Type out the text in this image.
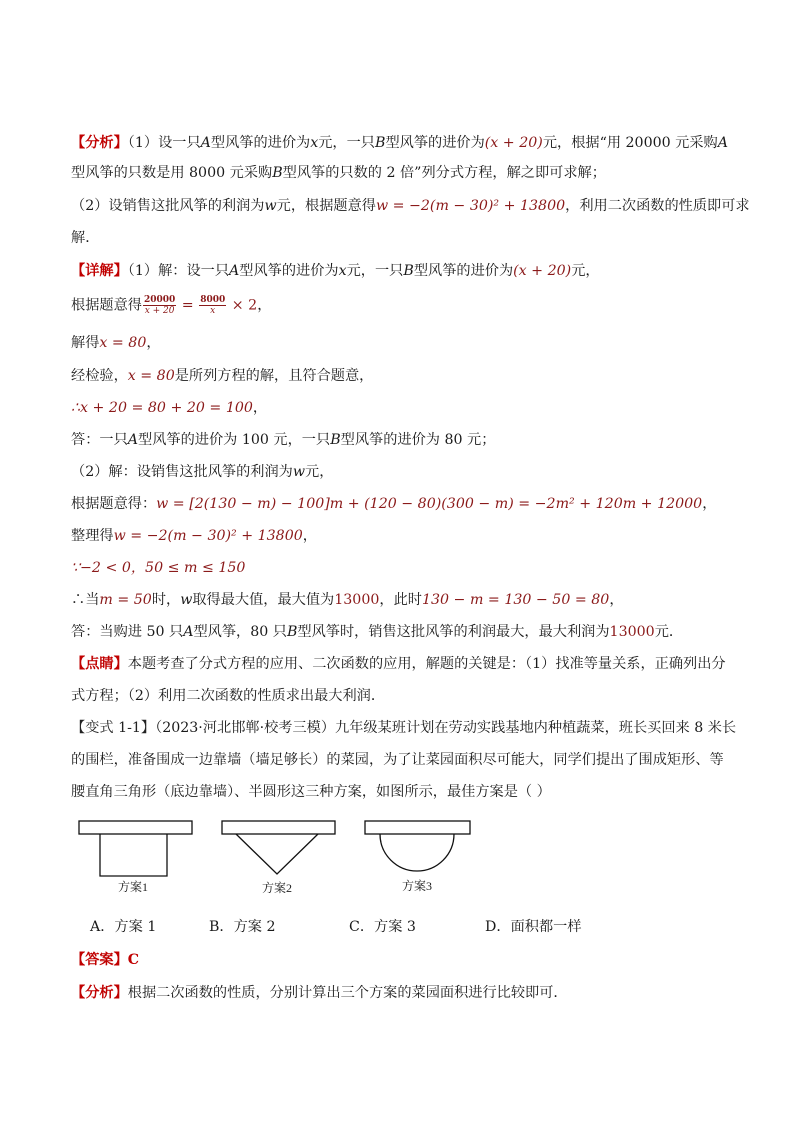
【分析】（1）设一只A型风筝的进价为x元，一只B型风筝的进价为(x + 20)元，根据“用 20000 元采购A
型风筝的只数是用 8000 元采购B型风筝的只数的 2 倍”列分式方程，解之即可求解；
（2）设销售这批风筝的利润为w元，根据题意得w = −2(m − 30)² + 13800，利用二次函数的性质即可求
解．
【详解】（1）解：设一只A型风筝的进价为x元，一只B型风筝的进价为(x + 20)元，
根据题意得 $\frac{20000}{x + 20} = \frac{8000}{x} \times 2$，
解得x = 80，
经检验，x = 80是所列方程的解，且符合题意，
∴x + 20 = 80 + 20 = 100，
答：一只A型风筝的进价为 100 元，一只B型风筝的进价为 80 元；
（2）解：设销售这批风筝的利润为w元，
根据题意得：w = [2(130 − m) − 100]m + (120 − 80)(300 − m) = −2m² + 120m + 12000，
整理得w = −2(m − 30)² + 13800，
∵−2 < 0，50 ≤ m ≤ 150
∴当m = 50时，w取得最大值，最大值为13000，此时130 − m = 130 − 50 = 80，
答：当购进 50 只A型风筝，80 只B型风筝时，销售这批风筝的利润最大，最大利润为13000元．
【点睛】本题考查了分式方程的应用、二次函数的应用，解题的关键是：（1）找准等量关系，正确列出分
式方程；（2）利用二次函数的性质求出最大利润．
【变式 1-1】（2023·河北邯郸·校考三模）九年级某班计划在劳动实践基地内种植蔬菜，班长买回来 8 米长
的围栏，准备围成一边靠墙（墙足够长）的菜园，为了让菜园面积尽可能大，同学们提出了围成矩形、等
腰直角三角形（底边靠墙）、半圆形这三种方案，如图所示，最佳方案是（ ）
方案1	方案2	方案3
A．方案 1	B．方案 2	C．方案 3	D．面积都一样
【答案】C
【分析】根据二次函数的性质，分别计算出三个方案的菜园面积进行比较即可．
